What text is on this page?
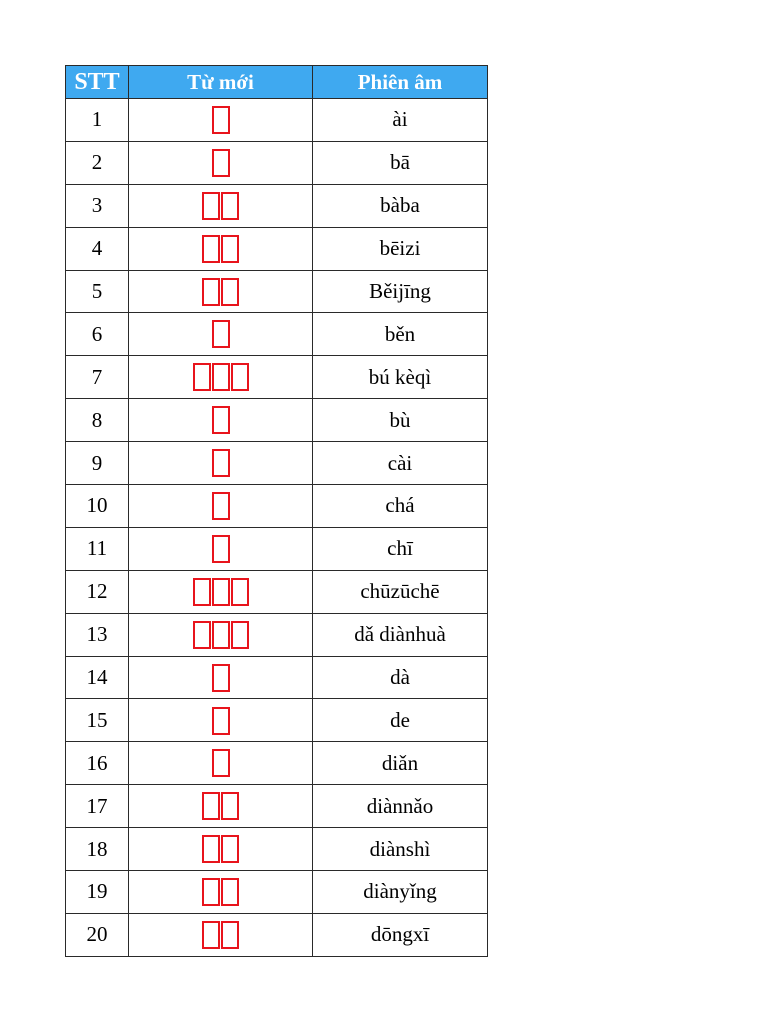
STT	Từ mới	Phiên âm
1		ài
2		bā
3		bàba
4		bēizi
5		Běijīng
6		běn
7		bú kèqì
8		bù
9		cài
10		chá
11		chī
12		chūzūchē
13		dǎ diànhuà
14		dà
15		de
16		diǎn
17		diànnǎo
18		diànshì
19		diànyǐng
20		dōngxī
